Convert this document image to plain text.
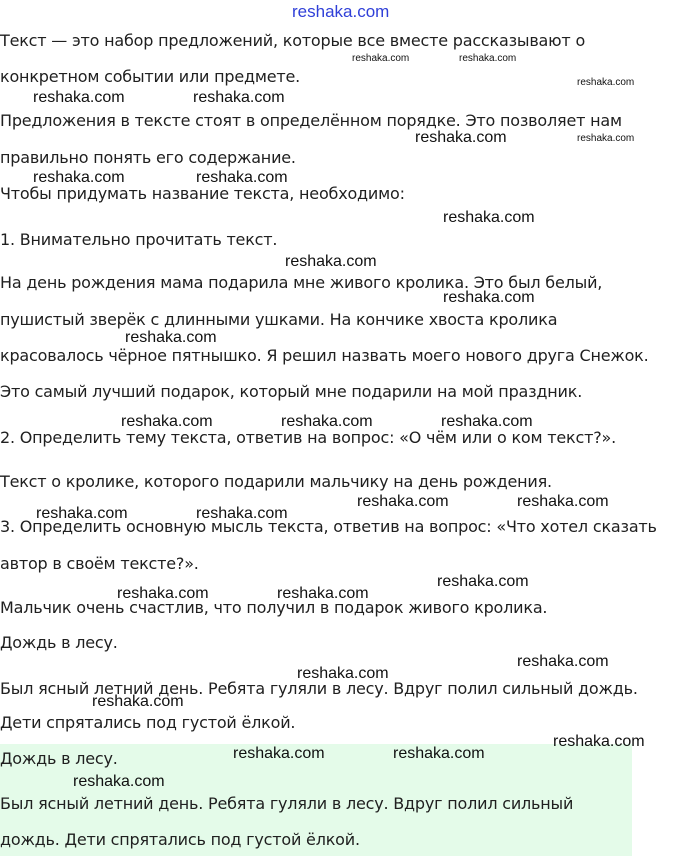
reshaka.com
Текст — это набор предложений, которые все вместе рассказывают о
конкретном событии или предмете.
Предложения в тексте стоят в определённом порядке. Это позволяет нам
правильно понять его содержание.
Чтобы придумать название текста, необходимо:
1. Внимательно прочитать текст.
На день рождения мама подарила мне живого кролика. Это был белый,
пушистый зверёк с длинными ушками. На кончике хвоста кролика
красовалось чёрное пятнышко. Я решил назвать моего нового друга Снежок.
Это самый лучший подарок, который мне подарили на мой праздник.
2. Определить тему текста, ответив на вопрос: «О чём или о ком текст?».
Текст о кролике, которого подарили мальчику на день рождения.
3. Определить основную мысль текста, ответив на вопрос: «Что хотел сказать
автор в своём тексте?».
Мальчик очень счастлив, что получил в подарок живого кролика.
Дождь в лесу.
Был ясный летний день. Ребята гуляли в лесу. Вдруг полил сильный дождь.
Дети спрятались под густой ёлкой.
Дождь в лесу.
Был ясный летний день. Ребята гуляли в лесу. Вдруг полил сильный
дождь. Дети спрятались под густой ёлкой.
reshaka.com	reshaka.com
reshaka.com
reshaka.com	reshaka.com
reshaka.com	reshaka.com
reshaka.com	reshaka.com
reshaka.com
reshaka.com
reshaka.com
reshaka.com
reshaka.com	reshaka.com	reshaka.com
reshaka.com	reshaka.com
reshaka.com	reshaka.com
reshaka.com
reshaka.com	reshaka.com
reshaka.com
reshaka.com
reshaka.com
reshaka.com
reshaka.com	reshaka.com
reshaka.com
